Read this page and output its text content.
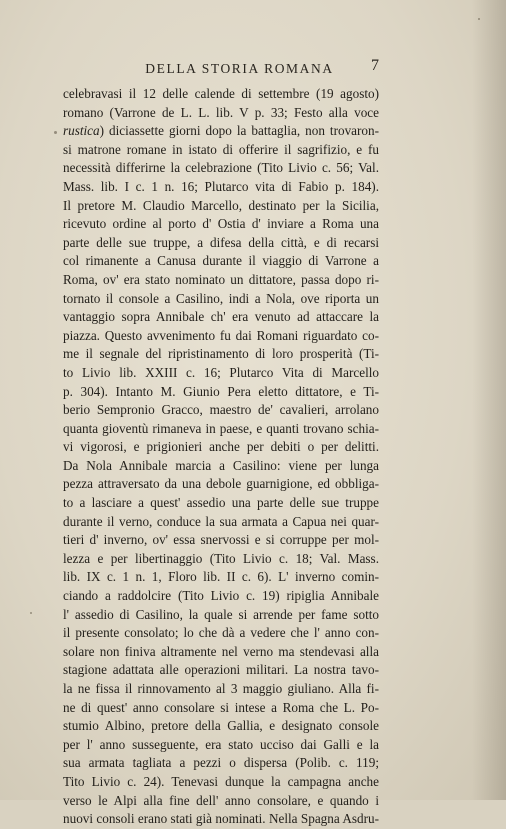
DELLA STORIA ROMANA	7
celebravasi il 12 delle calende di settembre (19 agosto)
romano (Varrone de L. L. lib. V p. 33; Festo alla voce
rustica) diciassette giorni dopo la battaglia, non trovaron-
si matrone romane in istato di offerire il sagrifizio, e fu
necessità differirne la celebrazione (Tito Livio c. 56; Val.
Mass. lib. I c. 1 n. 16; Plutarco vita di Fabio p. 184).
Il pretore M. Claudio Marcello, destinato per la Sicilia,
ricevuto ordine al porto d' Ostia d' inviare a Roma una
parte delle sue truppe, a difesa della città, e di recarsi
col rimanente a Canusa durante il viaggio di Varrone a
Roma, ov' era stato nominato un dittatore, passa dopo ri-
tornato il console a Casilino, indi a Nola, ove riporta un
vantaggio sopra Annibale ch' era venuto ad attaccare la
piazza. Questo avvenimento fu dai Romani riguardato co-
me il segnale del ripristinamento di loro prosperità (Ti-
to Livio lib. XXIII c. 16; Plutarco Vita di Marcello
p. 304). Intanto M. Giunio Pera eletto dittatore, e Ti-
berio Sempronio Gracco, maestro de' cavalieri, arrolano
quanta gioventù rimaneva in paese, e quanti trovano schia-
vi vigorosi, e prigionieri anche per debiti o per delitti.
Da Nola Annibale marcia a Casilino: viene per lunga
pezza attraversato da una debole guarnigione, ed obbliga-
to a lasciare a quest' assedio una parte delle sue truppe
durante il verno, conduce la sua armata a Capua nei quar-
tieri d' inverno, ov' essa snervossi e si corruppe per mol-
lezza e per libertinaggio (Tito Livio c. 18; Val. Mass.
lib. IX c. 1 n. 1, Floro lib. II c. 6). L' inverno comin-
ciando a raddolcire (Tito Livio c. 19) ripiglia Annibale
l' assedio di Casilino, la quale si arrende per fame sotto
il presente consolato; lo che dà a vedere che l' anno con-
solare non finiva altramente nel verno ma stendevasi alla
stagione adattata alle operazioni militari. La nostra tavo-
la ne fissa il rinnovamento al 3 maggio giuliano. Alla fi-
ne di quest' anno consolare si intese a Roma che L. Po-
stumio Albino, pretore della Gallia, e designato console
per l' anno susseguente, era stato ucciso dai Galli e la
sua armata tagliata a pezzi o dispersa (Polib. c. 119;
Tito Livio c. 24). Tenevasi dunque la campagna anche
verso le Alpi alla fine dell' anno consolare, e quando i
nuovi consoli erano stati già nominati. Nella Spagna Asdru-
